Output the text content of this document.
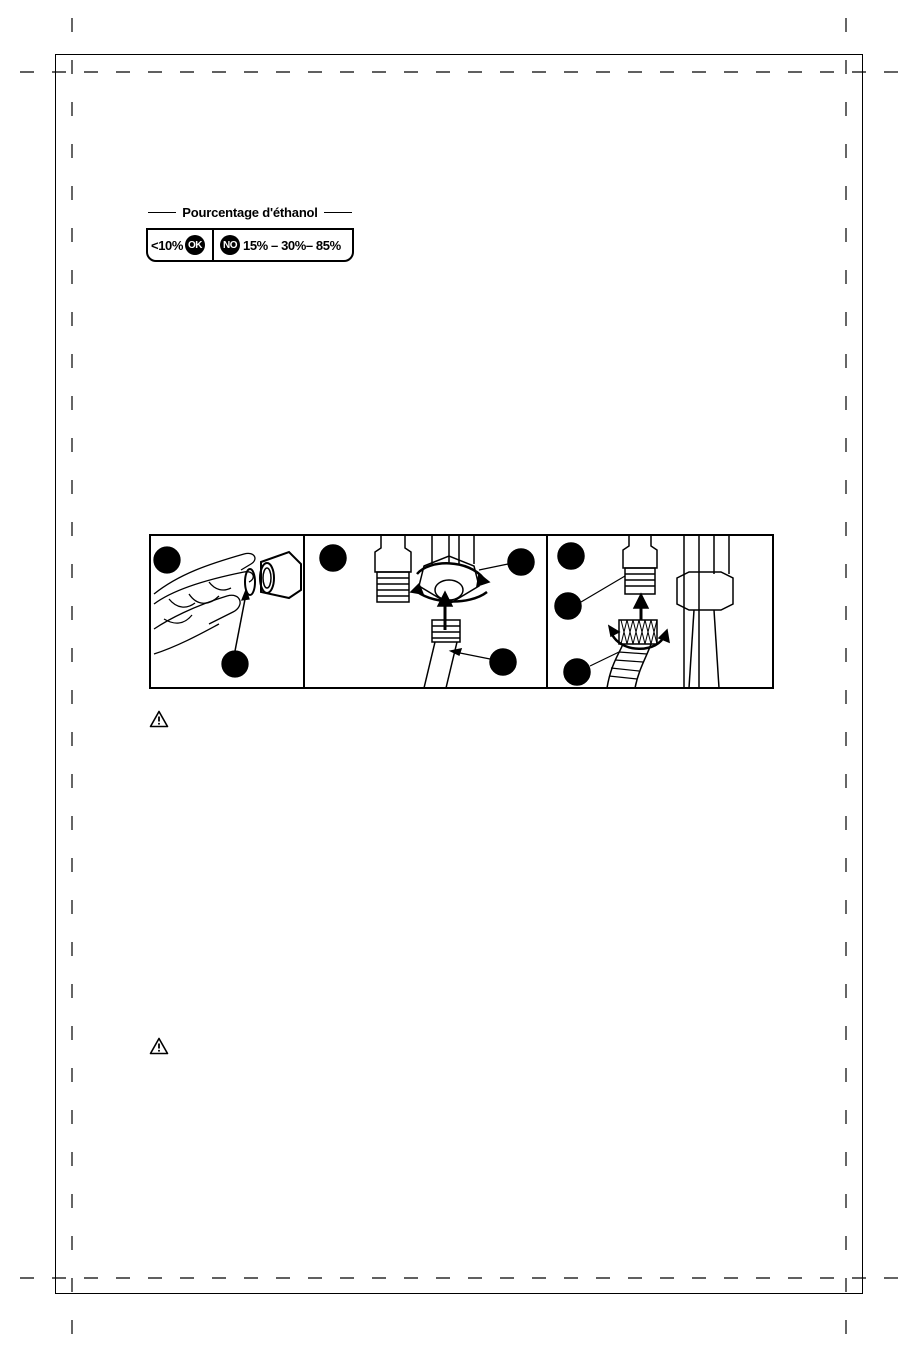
Pourcentage d'éthanol
<10% OK	NO 15% – 30%– 85%
